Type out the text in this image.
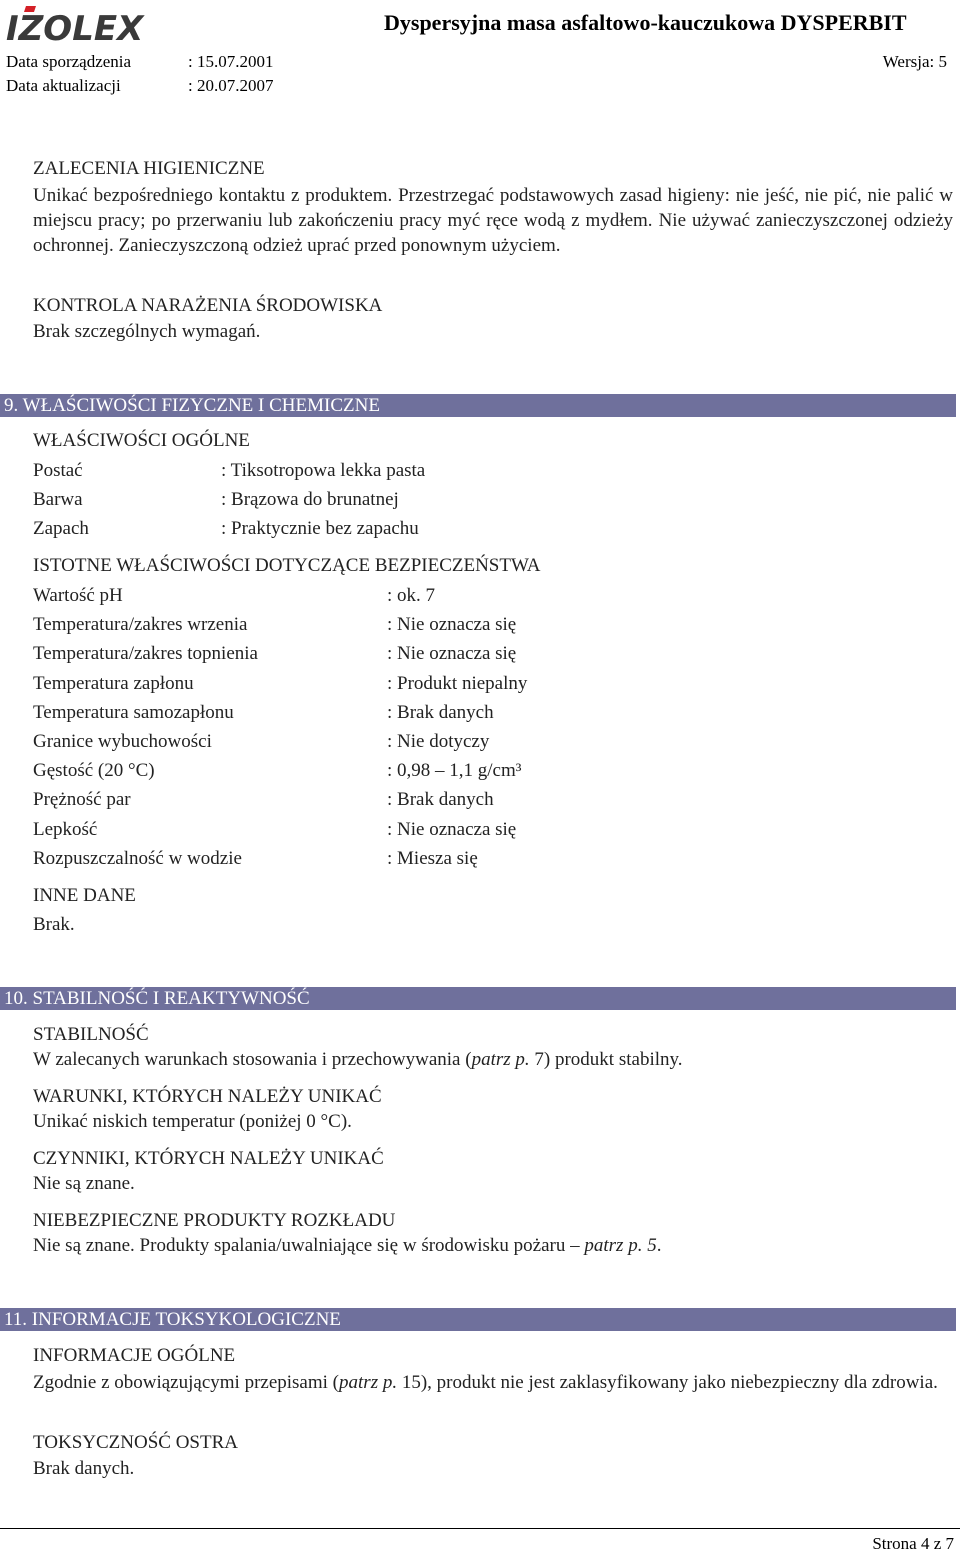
IZOLEX	Dyspersyjna masa asfaltowo-kauczukowa DYSPERBIT
Data sporządzenia	: 15.07.2001	Wersja: 5
Data aktualizacji	: 20.07.2007
ZALECENIA HIGIENICZNE
Unikać bezpośredniego kontaktu z produktem. Przestrzegać podstawowych zasad higieny: nie jeść, nie pić, nie palić w miejscu pracy; po przerwaniu lub zakończeniu pracy myć ręce wodą z mydłem. Nie używać zanieczyszczonej odzieży ochronnej. Zanieczyszczoną odzież uprać przed ponownym użyciem.
KONTROLA NARAŻENIA ŚRODOWISKA
Brak szczególnych wymagań.
9. WŁAŚCIWOŚCI FIZYCZNE I CHEMICZNE
WŁAŚCIWOŚCI OGÓLNE
Postać	: Tiksotropowa lekka pasta
Barwa	: Brązowa do brunatnej
Zapach	: Praktycznie bez zapachu
ISTOTNE WŁAŚCIWOŚCI DOTYCZĄCE BEZPIECZEŃSTWA
Wartość pH	: ok. 7
Temperatura/zakres wrzenia	: Nie oznacza się
Temperatura/zakres topnienia	: Nie oznacza się
Temperatura zapłonu	: Produkt niepalny
Temperatura samozapłonu	: Brak danych
Granice wybuchowości	: Nie dotyczy
Gęstość (20 °C)	: 0,98 – 1,1 g/cm³
Prężność par	: Brak danych
Lepkość	: Nie oznacza się
Rozpuszczalność w wodzie	: Miesza się
INNE DANE
Brak.
10. STABILNOŚĆ I REAKTYWNOŚĆ
STABILNOŚĆ
W zalecanych warunkach stosowania i przechowywania (patrz p. 7) produkt stabilny.
WARUNKI, KTÓRYCH NALEŻY UNIKAĆ
Unikać niskich temperatur (poniżej 0 °C).
CZYNNIKI, KTÓRYCH NALEŻY UNIKAĆ
Nie są znane.
NIEBEZPIECZNE PRODUKTY ROZKŁADU
Nie są znane. Produkty spalania/uwalniające się w środowisku pożaru – patrz p. 5.
11. INFORMACJE TOKSYKOLOGICZNE
INFORMACJE OGÓLNE
Zgodnie z obowiązującymi przepisami (patrz p. 15), produkt nie jest zaklasyfikowany jako niebezpieczny dla zdrowia.
TOKSYCZNOŚĆ OSTRA
Brak danych.
Strona 4 z 7
